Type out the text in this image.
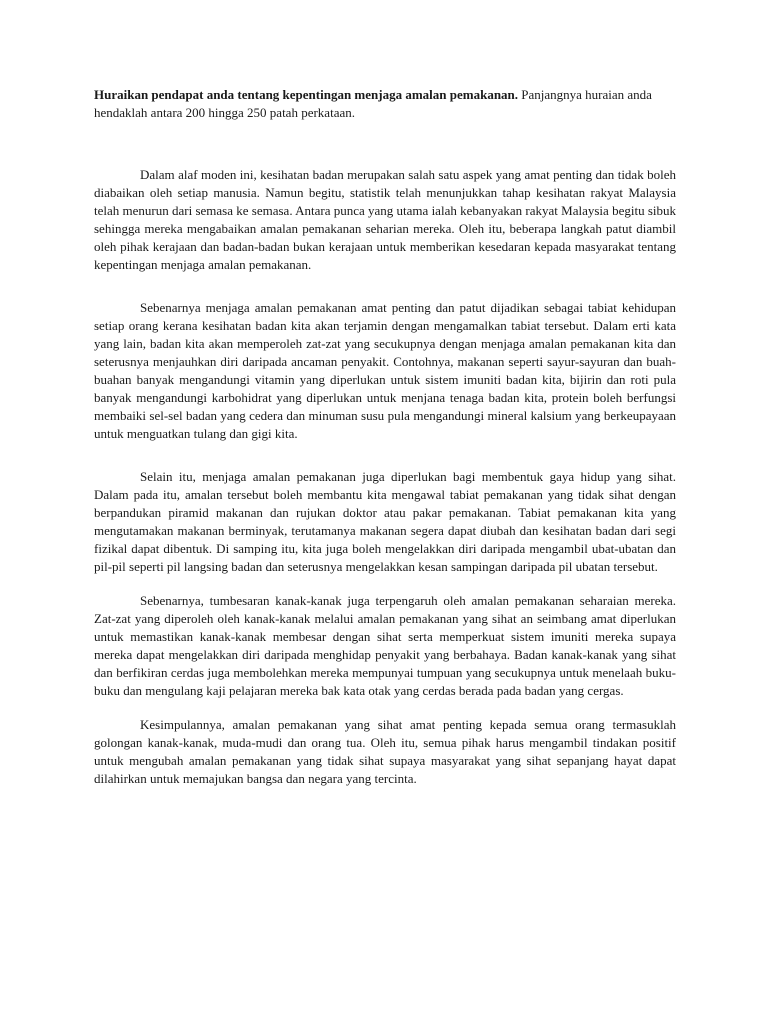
Huraikan pendapat anda tentang kepentingan menjaga amalan pemakanan. Panjangnya huraian anda hendaklah antara 200 hingga 250 patah perkataan.

Dalam alaf moden ini, kesihatan badan merupakan salah satu aspek yang amat penting dan tidak boleh diabaikan oleh setiap manusia. Namun begitu, statistik telah menunjukkan tahap kesihatan rakyat Malaysia telah menurun dari semasa ke semasa. Antara punca yang utama ialah kebanyakan rakyat Malaysia begitu sibuk sehingga mereka mengabaikan amalan pemakanan seharian mereka. Oleh itu, beberapa langkah patut diambil oleh pihak kerajaan dan badan-badan bukan kerajaan untuk memberikan kesedaran kepada masyarakat tentang kepentingan menjaga amalan pemakanan.

Sebenarnya menjaga amalan pemakanan amat penting dan patut dijadikan sebagai tabiat kehidupan setiap orang kerana kesihatan badan kita akan terjamin dengan mengamalkan tabiat tersebut. Dalam erti kata yang lain, badan kita akan memperoleh zat-zat yang secukupnya dengan menjaga amalan pemakanan kita dan seterusnya menjauhkan diri daripada ancaman penyakit. Contohnya, makanan seperti sayur-sayuran dan buah-buahan banyak mengandungi vitamin yang diperlukan untuk sistem imuniti badan kita, bijirin dan roti pula banyak mengandungi karbohidrat yang diperlukan untuk menjana tenaga badan kita, protein boleh berfungsi membaiki sel-sel badan yang cedera dan minuman susu pula mengandungi mineral kalsium yang berkeupayaan untuk menguatkan tulang dan gigi kita.

Selain itu, menjaga amalan pemakanan juga diperlukan bagi membentuk gaya hidup yang sihat. Dalam pada itu, amalan tersebut boleh membantu kita mengawal tabiat pemakanan yang tidak sihat dengan berpandukan piramid makanan dan rujukan doktor atau pakar pemakanan. Tabiat pemakanan kita yang mengutamakan makanan berminyak, terutamanya makanan segera dapat diubah dan kesihatan badan dari segi fizikal dapat dibentuk. Di samping itu, kita juga boleh mengelakkan diri daripada mengambil ubat-ubatan dan pil-pil seperti pil langsing badan dan seterusnya mengelakkan kesan sampingan daripada pil ubatan tersebut.

Sebenarnya, tumbesaran kanak-kanak juga terpengaruh oleh amalan pemakanan seharaian mereka. Zat-zat yang diperoleh oleh kanak-kanak melalui amalan pemakanan yang sihat an seimbang amat diperlukan untuk memastikan kanak-kanak membesar dengan sihat serta memperkuat sistem imuniti mereka supaya mereka dapat mengelakkan diri daripada menghidap penyakit yang berbahaya. Badan kanak-kanak yang sihat dan berfikiran cerdas juga membolehkan mereka mempunyai tumpuan yang secukupnya untuk menelaah buku-buku dan mengulang kaji pelajaran mereka bak kata otak yang cerdas berada pada badan yang cergas.

Kesimpulannya, amalan pemakanan yang sihat amat penting kepada semua orang termasuklah golongan kanak-kanak, muda-mudi dan orang tua. Oleh itu, semua pihak harus mengambil tindakan positif untuk mengubah amalan pemakanan yang tidak sihat supaya masyarakat yang sihat sepanjang hayat dapat dilahirkan untuk memajukan bangsa dan negara yang tercinta.
